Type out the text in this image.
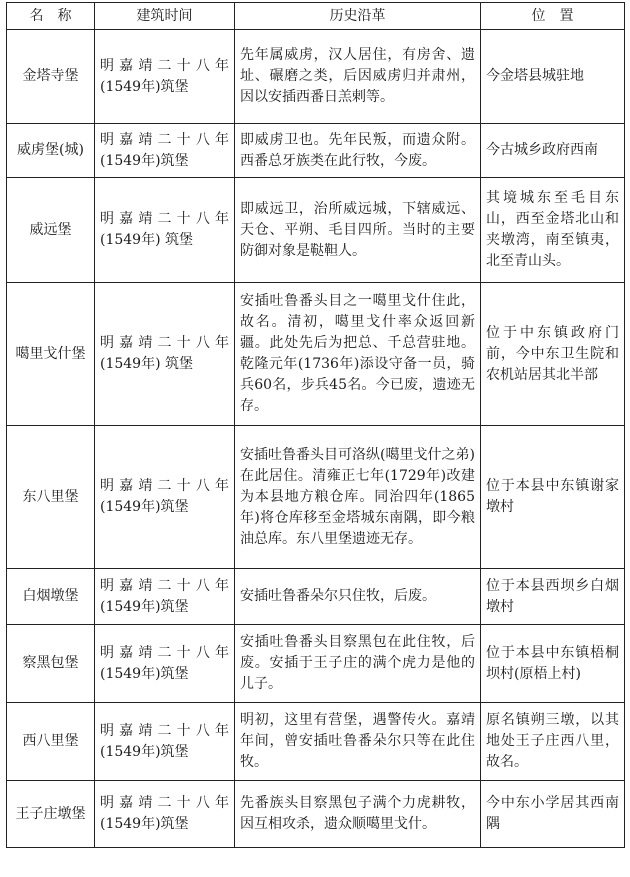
名　称	建筑时间	历史沿革	位　置
金塔寺堡	明嘉靖二十八年(1549年)筑堡	先年属威虏，汉人居住，有房舍、遗址、碾磨之类，后因威虏归并肃州，因以安插西番日羔剌等。	今金塔县城驻地
威虏堡(城)	明嘉靖二十八年(1549年)筑堡	即威虏卫也。先年民叛，而遗众附。西番总牙族类在此行牧，今废。	今古城乡政府西南
威远堡	明嘉靖二十八年(1549年) 筑堡	即威远卫，治所威远城，下辖威远、天仓、平朔、毛目四所。当时的主要防御对象是鞑靼人。	其境城东至毛目东山，西至金塔北山和夹墩湾，南至镇夷，北至青山头。
噶里戈什堡	明嘉靖二十八年(1549年) 筑堡	安插吐鲁番头目之一噶里戈什住此，故名。清初，噶里戈什率众返回新疆。此处先后为把总、千总营驻地。乾隆元年(1736年)添设守备一员，骑兵60名，步兵45名。今已废，遗迹无存。	位于中东镇政府门前，今中东卫生院和农机站居其北半部
东八里堡	明嘉靖二十八年(1549年)筑堡	安插吐鲁番头目可洛纵(噶里戈什之弟)在此居住。清雍正七年(1729年)改建为本县地方粮仓库。同治四年(1865年)将仓库移至金塔城东南隅，即今粮油总库。东八里堡遗迹无存。	位于本县中东镇谢家墩村
白烟墩堡	明嘉靖二十八年(1549年)筑堡	安插吐鲁番朵尔只住牧，后废。	位于本县西坝乡白烟墩村
察黑包堡	明嘉靖二十八年(1549年)筑堡	安插吐鲁番头目察黑包在此住牧，后废。安插于王子庄的满个虎力是他的儿子。	位于本县中东镇梧桐坝村(原梧上村)
西八里堡	明嘉靖二十八年(1549年)筑堡	明初，这里有营堡，遇警传火。嘉靖年间，曾安插吐鲁番朵尔只等在此住牧。	原名镇朔三墩，以其地处王子庄西八里，故名。
王子庄墩堡	明嘉靖二十八年(1549年)筑堡	先番族头目察黑包子满个力虎耕牧，因互相攻杀，遗众顺噶里戈什。	今中东小学居其西南隅
